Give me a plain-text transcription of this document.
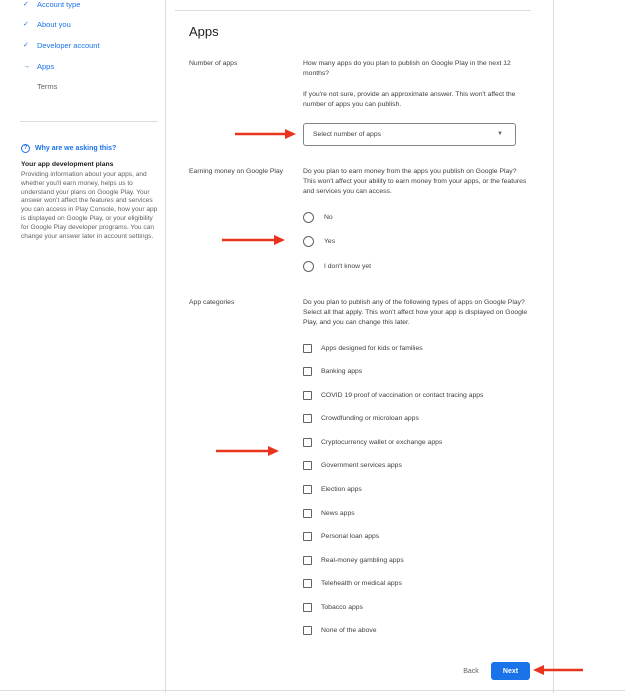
✓	Account type
✓	About you
✓	Developer account
→ Apps
Terms
?	Why are we asking this?
Your app development plans
Providing information about your apps, and whether you'll earn money, helps us to understand your plans on Google Play. Your answer won't affect the features and services you can access in Play Console, how your app is displayed on Google Play, or your eligibility for Google Play developer programs. You can change your answer later in account settings.
Apps
Number of apps	How many apps do you plan to publish on Google Play in the next 12 months?
If you're not sure, provide an approximate answer. This won't affect the number of apps you can publish.
Select number of apps	▼
Earning money on Google Play	Do you plan to earn money from the apps you publish on Google Play? This won't affect your ability to earn money from your apps, or the features and services you can access.
No
Yes
I don't know yet
App categories	Do you plan to publish any of the following types of apps on Google Play? Select all that apply. This won't affect how your app is displayed on Google Play, and you can change this later.
Apps designed for kids or families
Banking apps
COVID 19 proof of vaccination or contact tracing apps
Crowdfunding or microloan apps
Cryptocurrency wallet or exchange apps
Government services apps
Election apps
News apps
Personal loan apps
Real-money gambling apps
Telehealth or medical apps
Tobacco apps
None of the above
Back	Next
